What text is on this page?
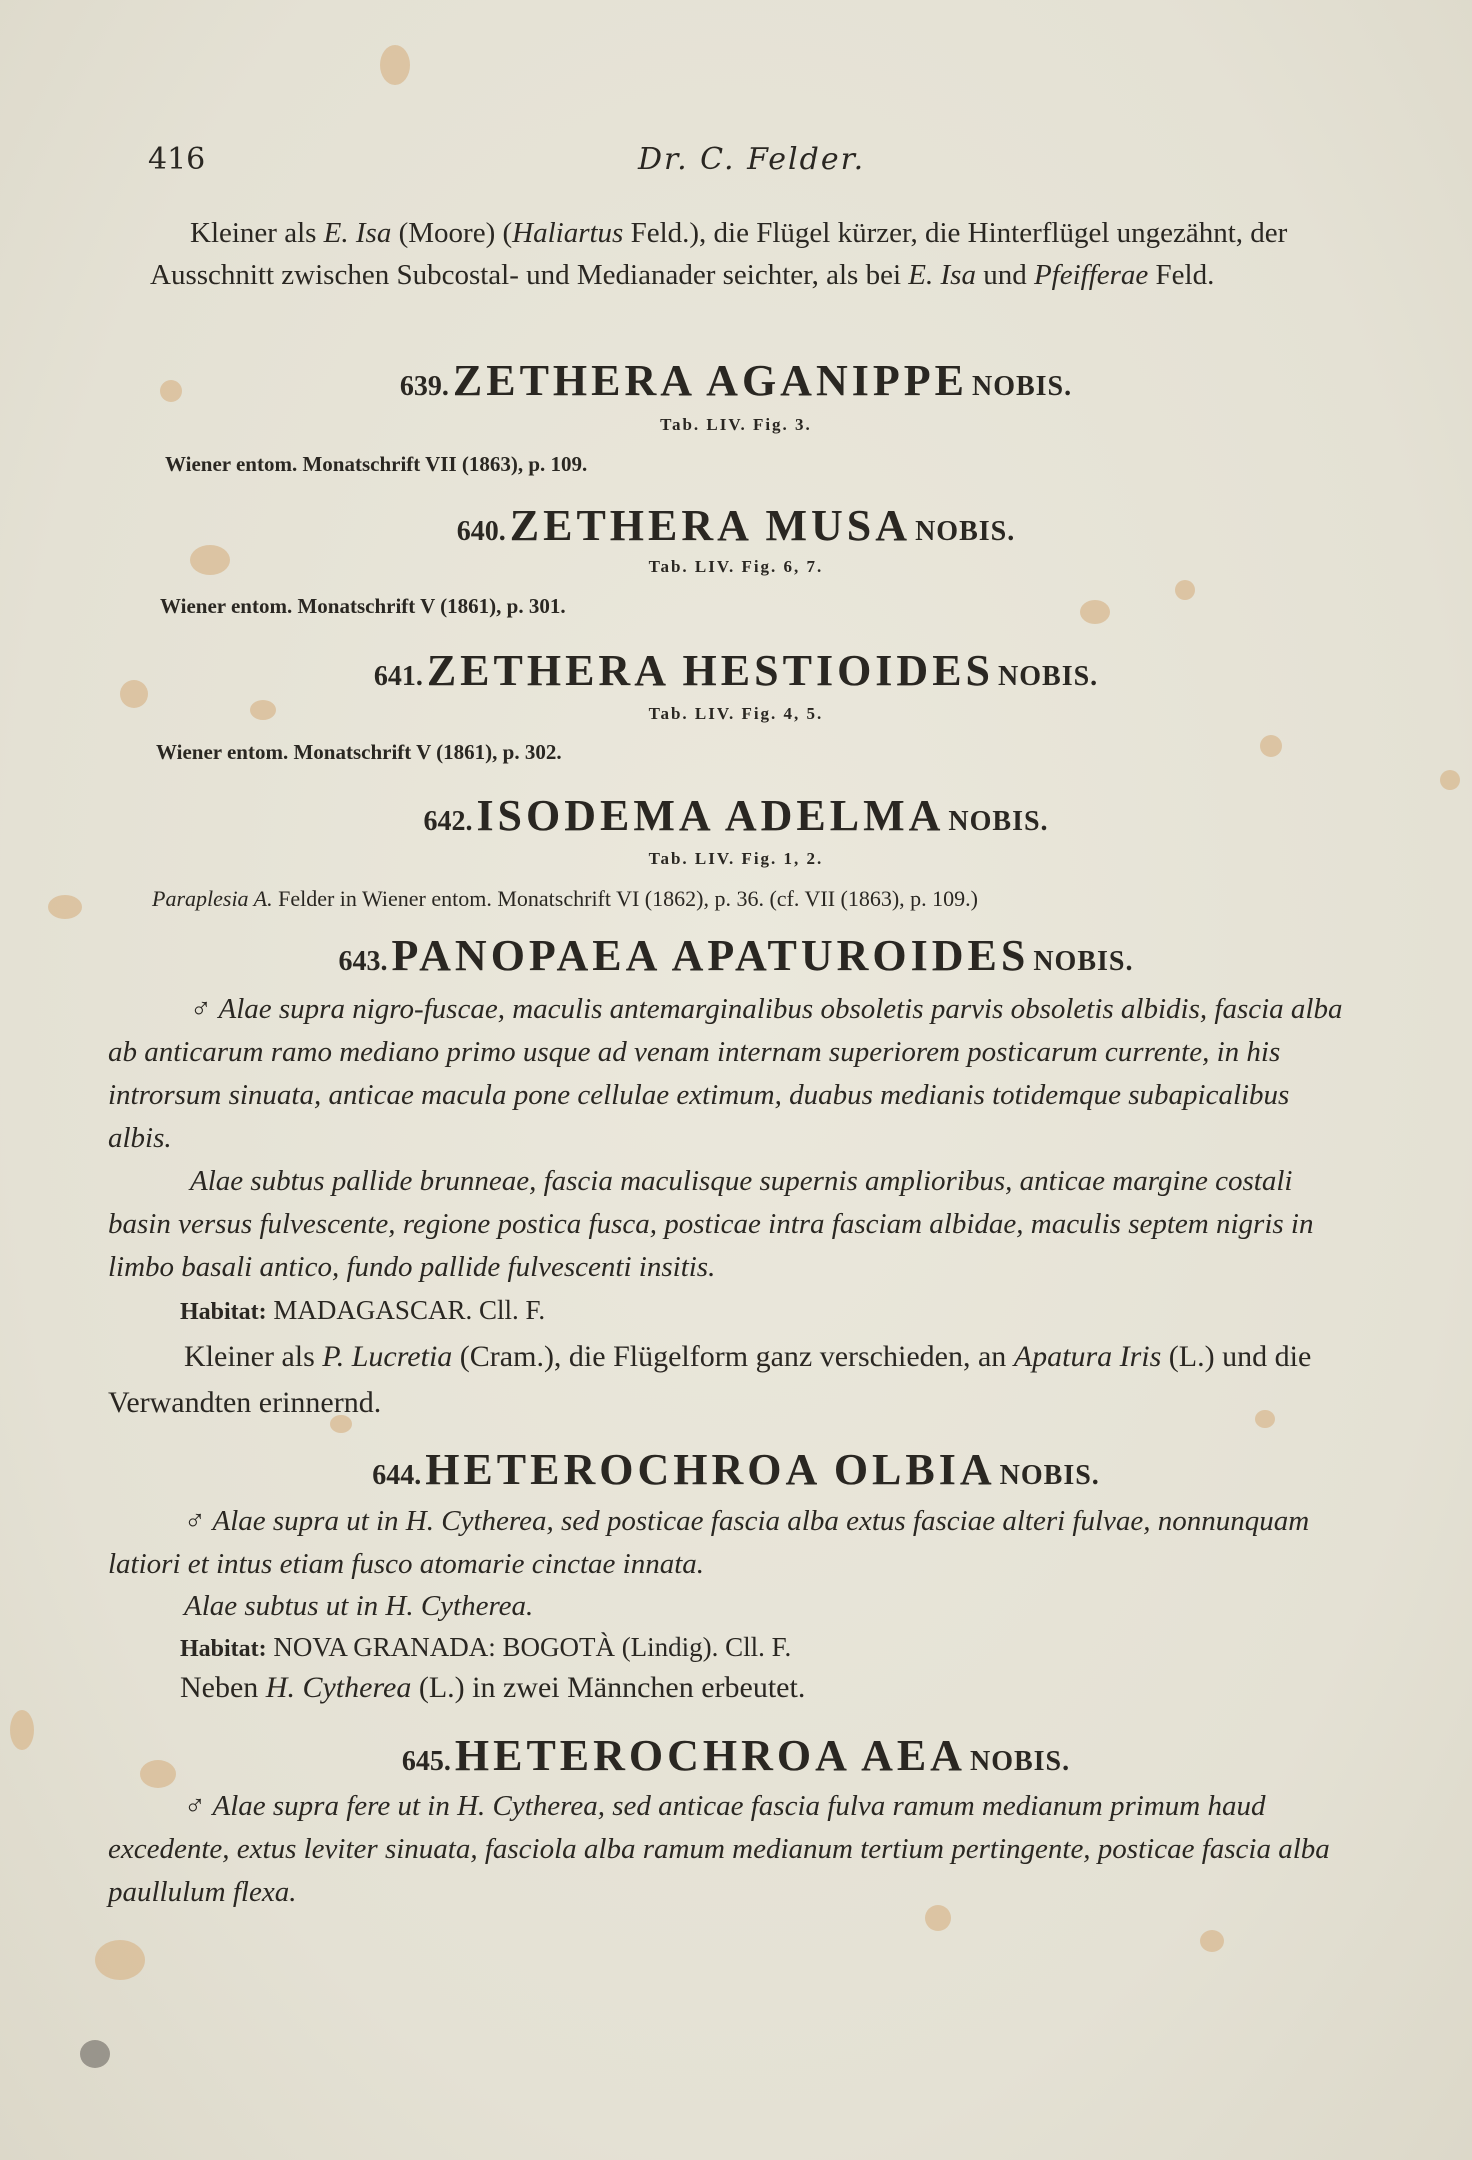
416	Dr. C. Felder.
Kleiner als E. Isa (Moore) (Haliartus Feld.), die Flügel kürzer, die Hinterflügel ungezähnt, der Ausschnitt zwischen Subcostal- und Medianader seichter, als bei E. Isa und Pfeifferae Feld.
639. ZETHERA AGANIPPE NOBIS.
Tab. LIV. Fig. 3.
Wiener entom. Monatschrift VII (1863), p. 109.
640. ZETHERA MUSA NOBIS.
Tab. LIV. Fig. 6, 7.
Wiener entom. Monatschrift V (1861), p. 301.
641. ZETHERA HESTIOIDES NOBIS.
Tab. LIV. Fig. 4, 5.
Wiener entom. Monatschrift V (1861), p. 302.
642. ISODEMA ADELMA NOBIS.
Tab. LIV. Fig. 1, 2.
Paraplesia A. Felder in Wiener entom. Monatschrift VI (1862), p. 36. (cf. VII (1863), p. 109.)
643. PANOPAEA APATUROIDES NOBIS.
♂ Alae supra nigro-fuscae, maculis antemarginalibus obsoletis parvis obsoletis albidis, fascia alba ab anticarum ramo mediano primo usque ad venam internam superiorem posticarum currente, in his introrsum sinuata, anticae macula pone cellulae extimum, duabus medianis totidemque subapicalibus albis.
Alae subtus pallide brunneae, fascia maculisque supernis amplioribus, anticae margine costali basin versus fulvescente, regione postica fusca, posticae intra fasciam albidae, maculis septem nigris in limbo basali antico, fundo pallide fulvescenti insitis.
Habitat: MADAGASCAR. Cll. F.
Kleiner als P. Lucretia (Cram.), die Flügelform ganz verschieden, an Apatura Iris (L.) und die Verwandten erinnernd.
644. HETEROCHROA OLBIA NOBIS.
♂ Alae supra ut in H. Cytherea, sed posticae fascia alba extus fasciae alteri fulvae, nonnunquam latiori et intus etiam fusco atomarie cinctae innata.
Alae subtus ut in H. Cytherea.
Habitat: NOVA GRANADA: BOGOTÀ (Lindig). Cll. F.
Neben H. Cytherea (L.) in zwei Männchen erbeutet.
645. HETEROCHROA AEA NOBIS.
♂ Alae supra fere ut in H. Cytherea, sed anticae fascia fulva ramum medianum primum haud excedente, extus leviter sinuata, fasciola alba ramum medianum tertium pertingente, posticae fascia alba paullulum flexa.
